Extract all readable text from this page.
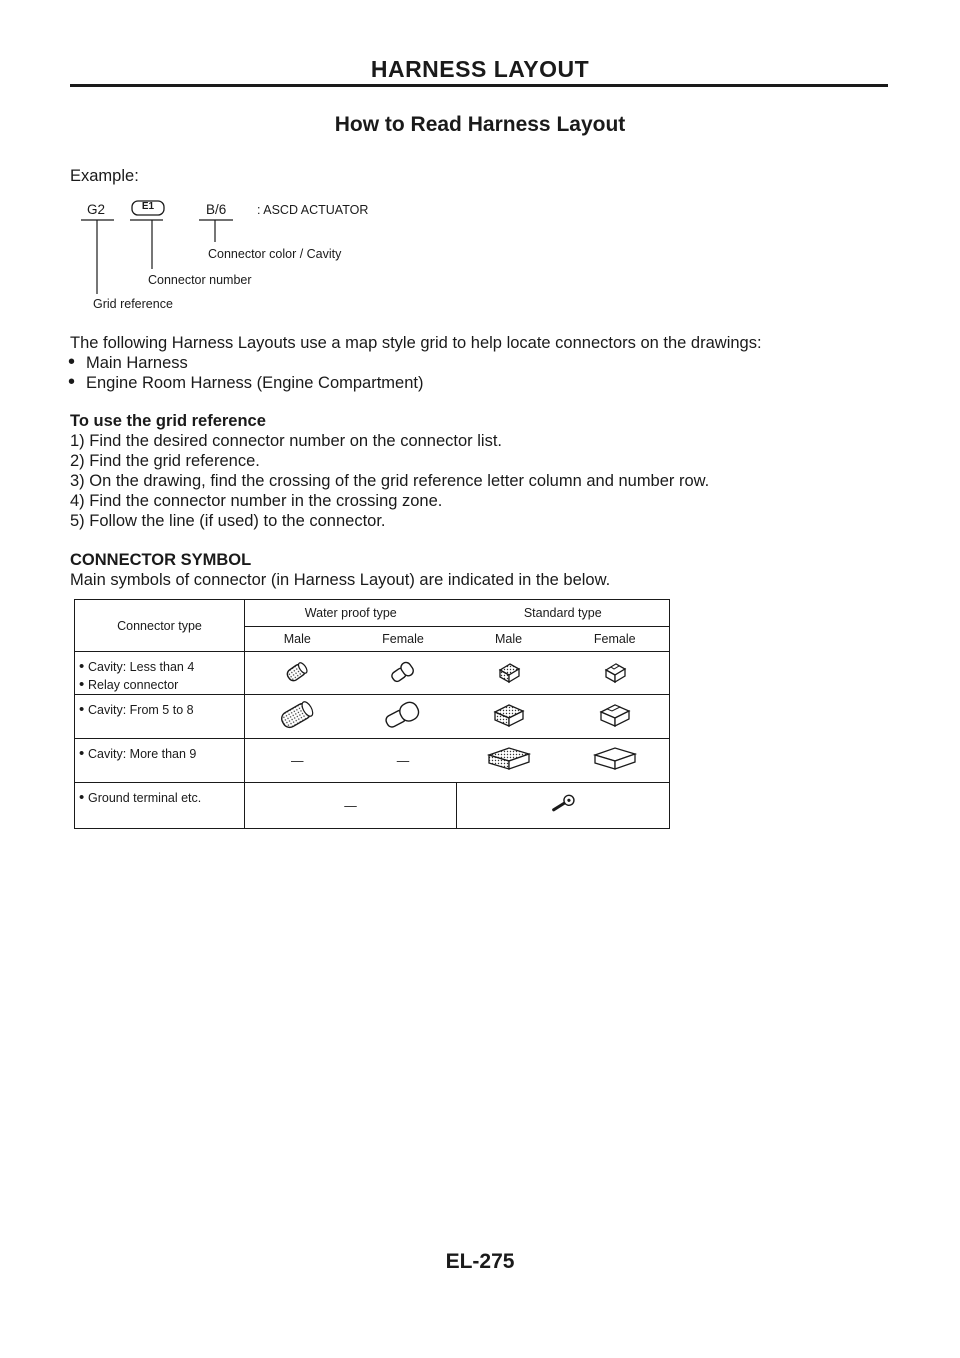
HARNESS LAYOUT
How to Read Harness Layout
Example:
G2	E1	B/6 : ASCD ACTUATOR
Connector color / Cavity
Connector number
Grid reference
The following Harness Layouts use a map style grid to help locate connectors on the drawings:
• Main Harness
• Engine Room Harness (Engine Compartment)
To use the grid reference
1) Find the desired connector number on the connector list.
2) Find the grid reference.
3) On the drawing, find the crossing of the grid reference letter column and number row.
4) Find the connector number in the crossing zone.
5) Follow the line (if used) to the connector.
CONNECTOR SYMBOL
Main symbols of connector (in Harness Layout) are indicated in the below.
Connector type	Water proof type		Standard type	
	Male	Female	Male	Female

• Cavity: Less than 4
• Relay connector

• Cavity: From 5 to 8

• Cavity: More than 9	—	—		

• Ground terminal etc.	—	
EL-275
